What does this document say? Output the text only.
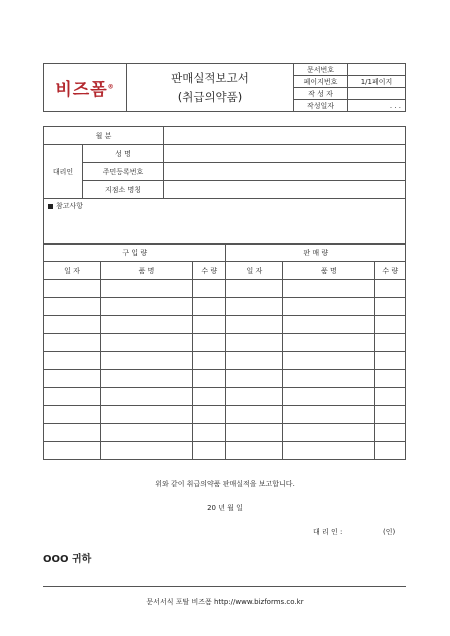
비즈폼®	판매실적보고서
(취급의약품)	문서번호	
		페이지번호	1/1페이지
		작 성 자	
		작성일자	. . .
월 분		
대리인	성 명	
	주민등록번호	
	지점소 명칭	
참고사항		
구 입 량			판 매 량		
일 자	품 명	수 량	일 자	품 명	수 량

위와 같이 취급의약품 판매실적을 보고합니다.
20 년 월 일
대 리 인 :	(인)
OOO 귀하
문서서식 포탈 비즈폼 http://www.bizforms.co.kr
